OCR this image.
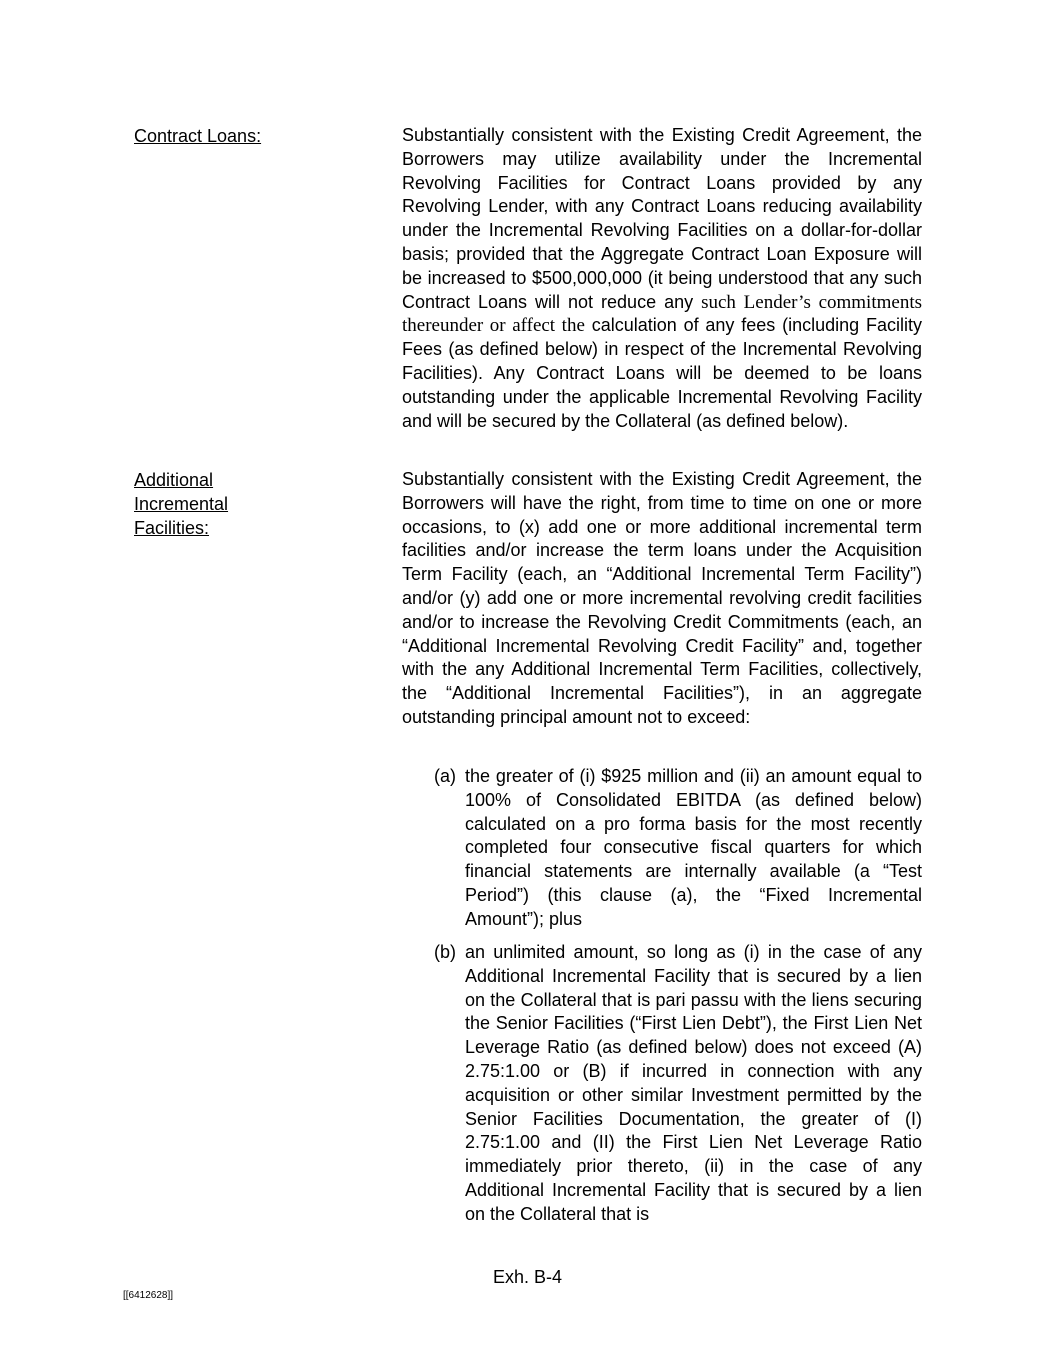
Contract Loans:	Substantially consistent with the Existing Credit Agreement, the Borrowers may utilize availability under the Incremental Revolving Facilities for Contract Loans provided by any Revolving Lender, with any Contract Loans reducing availability under the Incremental Revolving Facilities on a dollar-for-dollar basis; provided that the Aggregate Contract Loan Exposure will be increased to $500,000,000 (it being understood that any such Contract Loans will not reduce any such Lender’s commitments thereunder or affect the calculation of any fees (including Facility Fees (as defined below) in respect of the Incremental Revolving Facilities). Any Contract Loans will be deemed to be loans outstanding under the applicable Incremental Revolving Facility and will be secured by the Collateral (as defined below).
Additional Incremental Facilities:
Substantially consistent with the Existing Credit Agreement, the Borrowers will have the right, from time to time on one or more occasions, to (x) add one or more additional incremental term facilities and/or increase the term loans under the Acquisition Term Facility (each, an “Additional Incremental Term Facility”) and/or (y) add one or more incremental revolving credit facilities and/or to increase the Revolving Credit Commitments (each, an “Additional Incremental Revolving Credit Facility” and, together with the any Additional Incremental Term Facilities, collectively, the “Additional Incremental Facilities”), in an aggregate outstanding principal amount not to exceed:
(a) the greater of (i) $925 million and (ii) an amount equal to 100% of Consolidated EBITDA (as defined below) calculated on a pro forma basis for the most recently completed four consecutive fiscal quarters for which financial statements are internally available (a “Test Period”) (this clause (a), the “Fixed Incremental Amount”); plus
(b) an unlimited amount, so long as (i) in the case of any Additional Incremental Facility that is secured by a lien on the Collateral that is pari passu with the liens securing the Senior Facilities (“First Lien Debt”), the First Lien Net Leverage Ratio (as defined below) does not exceed (A) 2.75:1.00 or (B) if incurred in connection with any acquisition or other similar Investment permitted by the Senior Facilities Documentation, the greater of (I) 2.75:1.00 and (II) the First Lien Net Leverage Ratio immediately prior thereto, (ii) in the case of any Additional Incremental Facility that is secured by a lien on the Collateral that is
Exh. B-4
[[6412628]]
